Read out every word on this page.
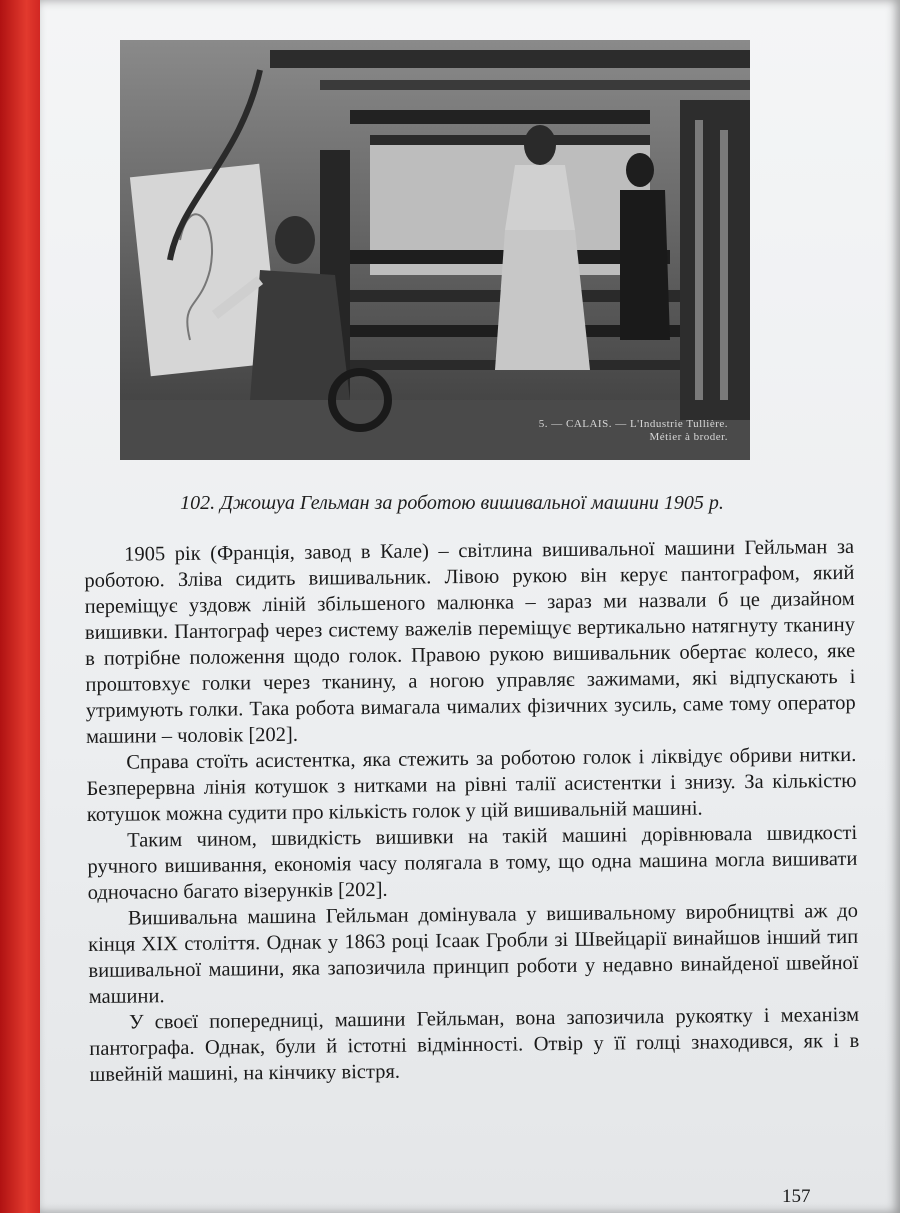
5. — CALAIS. — L'Industrie Tullière.
Métier à broder.
102. Джошуа Гельман за роботою вишивальної машини 1905 р.

1905 рік (Франція, завод в Кале) – світлина вишивальної машини Гейльман за роботою. Зліва сидить вишивальник. Лівою рукою він керує пантографом, який переміщує уздовж ліній збільшеного малюнка – зараз ми назвали б це дизайном вишивки. Пантограф через систему важелів переміщує вертикально натягнуту тканину в потрібне положення щодо голок. Правою рукою вишивальник обертає колесо, яке проштовхує голки через тканину, а ногою управляє зажимами, які відпускають і утримують голки. Така робота вимагала чималих фізичних зусиль, саме тому оператор машини – чоловік [202].

Справа стоїть асистентка, яка стежить за роботою голок і ліквідує обриви нитки. Безперервна лінія котушок з нитками на рівні талії асистентки і знизу. За кількістю котушок можна судити про кількість голок у цій вишивальній машині.

Таким чином, швидкість вишивки на такій машині дорівнювала швидкості ручного вишивання, економія часу полягала в тому, що одна машина могла вишивати одночасно багато візерунків [202].

Вишивальна машина Гейльман домінувала у вишивальному виробництві аж до кінця XIX століття. Однак у 1863 році Ісаак Гробли зі Швейцарії винайшов інший тип вишивальної машини, яка запозичила принцип роботи у недавно винайденої швейної машини.

У своєї попередниці, машини Гейльман, вона запозичила рукоятку і механізм пантографа. Однак, були й істотні відмінності. Отвір у її голці знаходився, як і в швейній машині, на кінчику вістря.

157
